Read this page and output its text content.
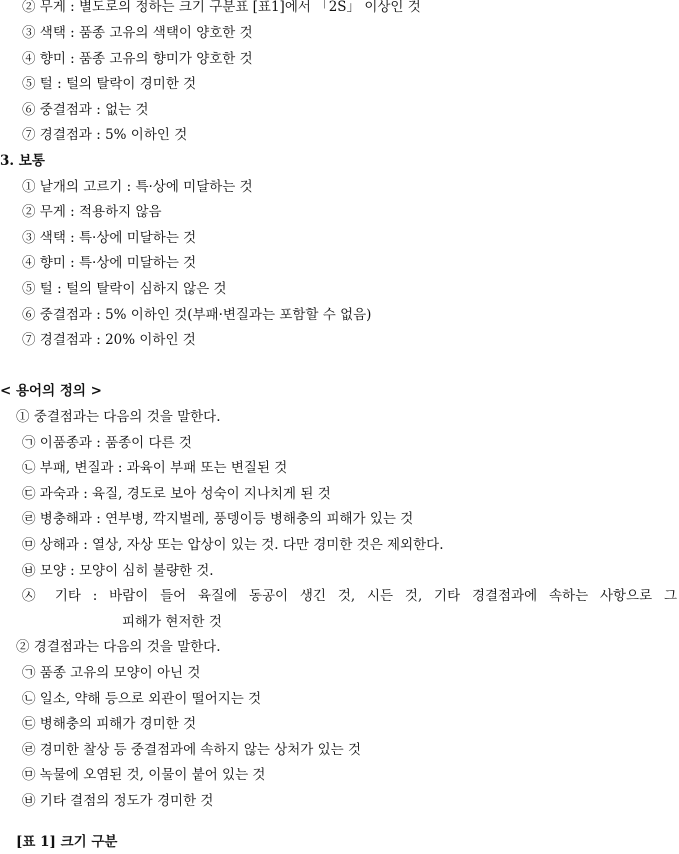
② 무게 : 별도로의 정하는 크기 구분표 [표1]에서 「2S」 이상인 것
③ 색택 : 품종 고유의 색택이 양호한 것
④ 향미 : 품종 고유의 향미가 양호한 것
⑤ 털 : 털의 탈락이 경미한 것
⑥ 중결점과 : 없는 것
⑦ 경결점과 : 5% 이하인 것
3. 보통
① 낱개의 고르기 : 특·상에 미달하는 것
② 무게 : 적용하지 않음
③ 색택 : 특·상에 미달하는 것
④ 향미 : 특·상에 미달하는 것
⑤ 털 : 털의 탈락이 심하지 않은 것
⑥ 중결점과 : 5% 이하인 것(부패·변질과는 포함할 수 없음)
⑦ 경결점과 : 20% 이하인 것
< 용어의 정의 >
① 중결점과는 다음의 것을 말한다.
㉠ 이품종과 : 품종이 다른 것
㉡ 부패, 변질과 : 과육이 부패 또는 변질된 것
㉢ 과숙과 : 육질, 경도로 보아 성숙이 지나치게 된 것
㉣ 병충해과 : 연부병, 깍지벌레, 풍뎅이등 병해충의 피해가 있는 것
㉤ 상해과 : 열상, 자상 또는 압상이 있는 것. 다만 경미한 것은 제외한다.
㉥ 모양 : 모양이 심히 불량한 것.
㉦ 기타 : 바람이 들어 육질에 동공이 생긴 것, 시든 것, 기타 경결점과에 속하는 사항으로 그
피해가 현저한 것
② 경결점과는 다음의 것을 말한다.
㉠ 품종 고유의 모양이 아닌 것
㉡ 일소, 약해 등으로 외관이 떨어지는 것
㉢ 병해충의 피해가 경미한 것
㉣ 경미한 찰상 등 중결점과에 속하지 않는 상처가 있는 것
㉤ 녹물에 오염된 것, 이물이 붙어 있는 것
㉥ 기타 결점의 정도가 경미한 것
[표 1] 크기 구분
